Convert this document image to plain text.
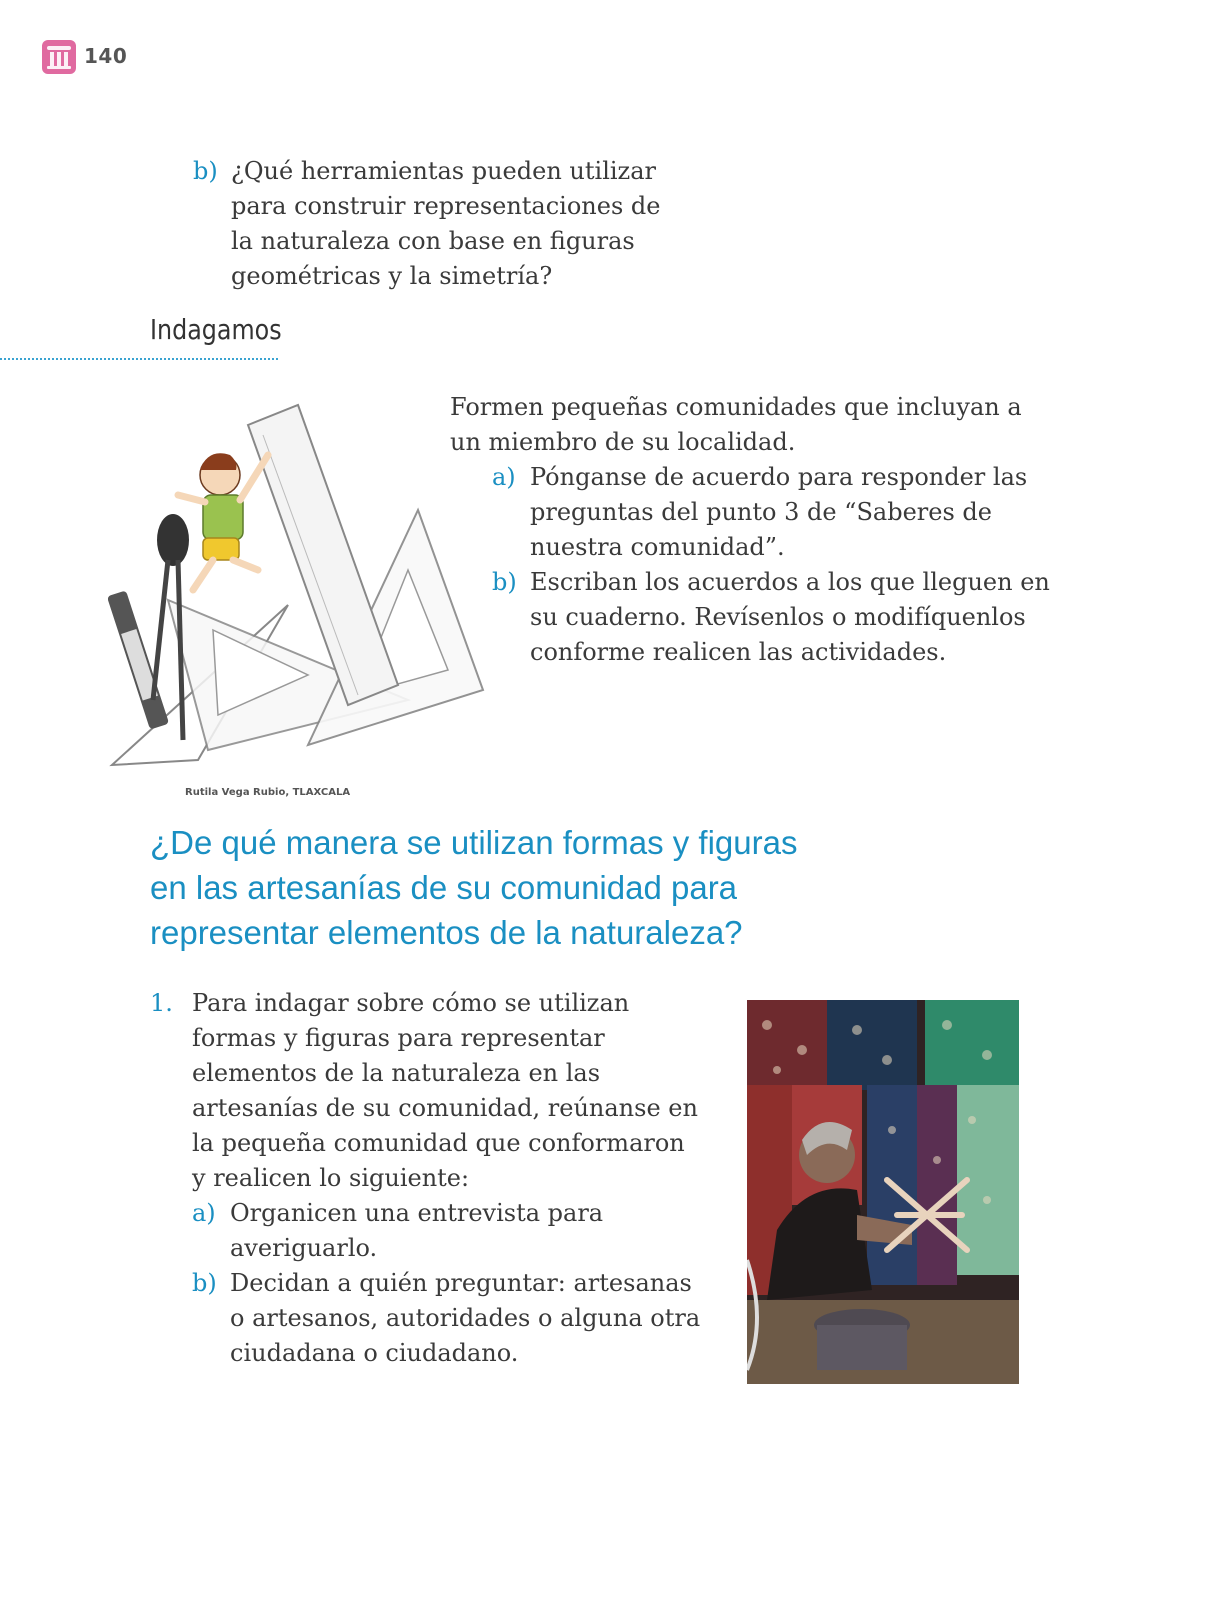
140
b) ¿Qué herramientas pueden utilizar
para construir representaciones de
la naturaleza con base en figuras
geométricas y la simetría?
Indagamos
Rutila Vega Rubio, TLAXCALA
Formen pequeñas comunidades que incluyan a
un miembro de su localidad.
a) Pónganse de acuerdo para responder las
preguntas del punto 3 de “Saberes de
nuestra comunidad”.
b) Escriban los acuerdos a los que lleguen en
su cuaderno. Revísenlos o modifíquenlos
conforme realicen las actividades.
¿De qué manera se utilizan formas y figuras
en las artesanías de su comunidad para
representar elementos de la naturaleza?
1. Para indagar sobre cómo se utilizan
formas y figuras para representar
elementos de la naturaleza en las
artesanías de su comunidad, reúnanse en
la pequeña comunidad que conformaron
y realicen lo siguiente:
a) Organicen una entrevista para
averiguarlo.
b) Decidan a quién preguntar: artesanas
o artesanos, autoridades o alguna otra
ciudadana o ciudadano.
